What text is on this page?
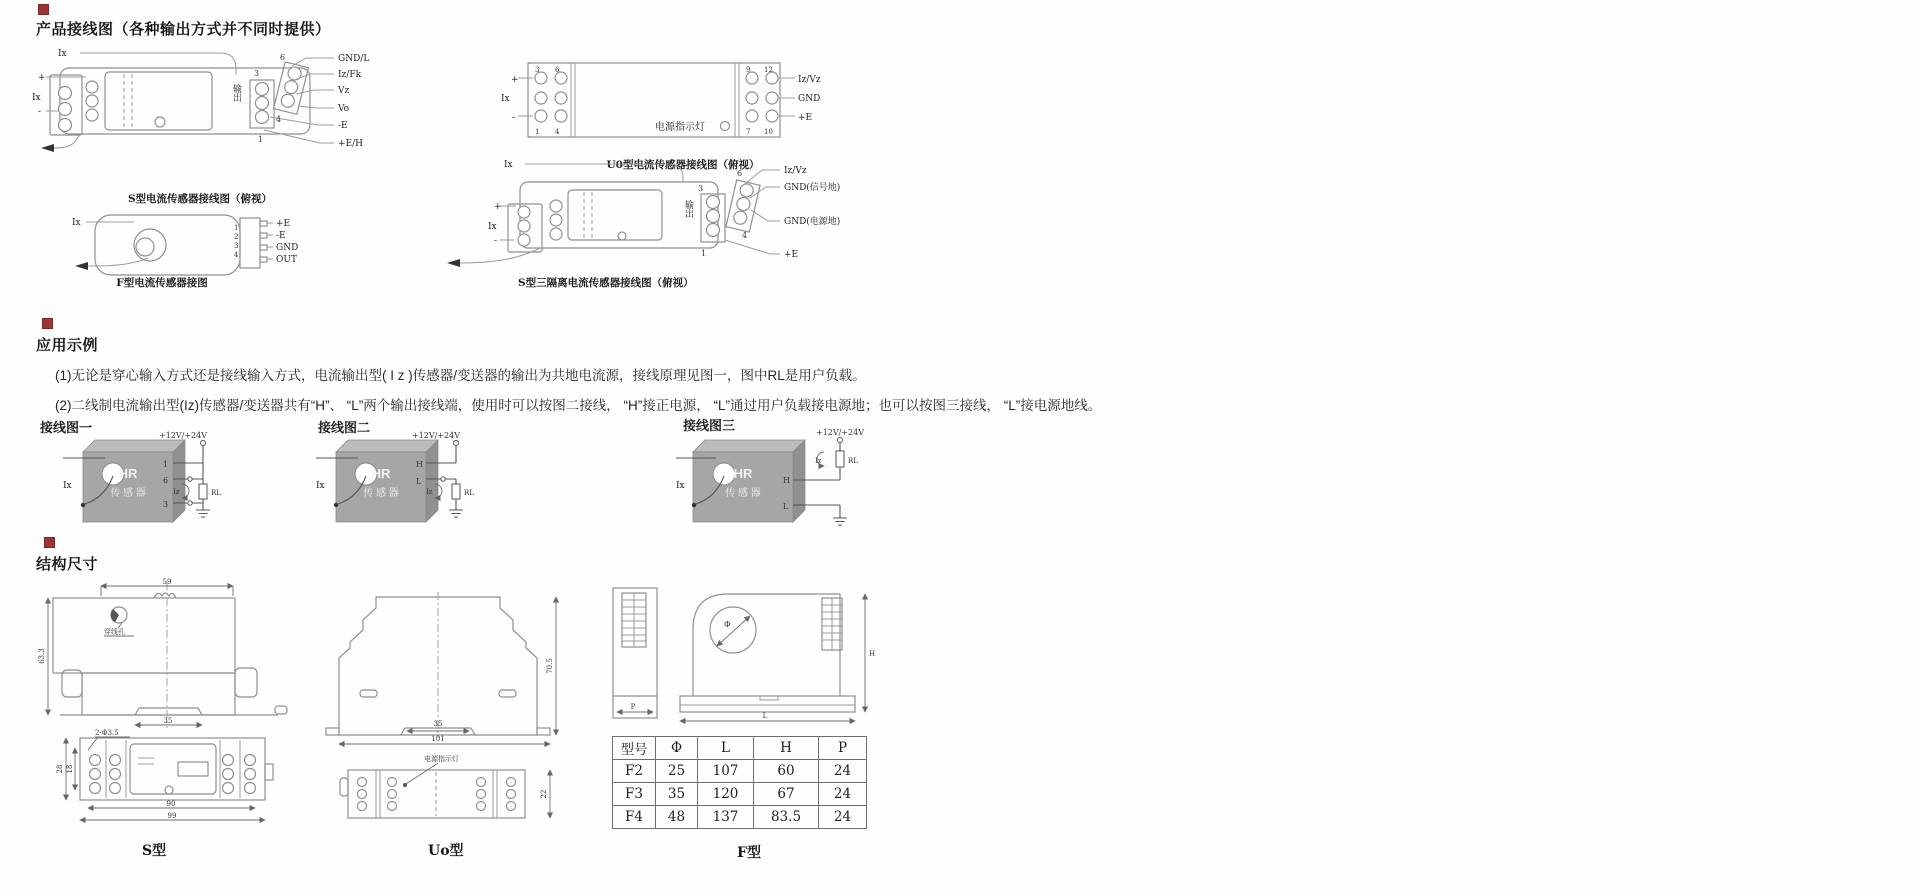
产品接线图（各种输出方式并不同时提供）
Ix
+
Ix
-
输出
3
1
6
4
GND/L
Iz/Fk
Vz
Vo
-E
+E/H
S型电流传感器接线图（俯视）
Ix	1
2
3
4
+E
-E
GND
OUT
F型电流传感器接图
3 6
1 4
9 12
7 10
电源指示灯
+
Ix
-
Iz/Vz
GND
+E
U0型电流传感器接线图（俯视）
Ix
+
Ix
-
输出
3
1
6
4
Iz/Vz
GND(信号地)
GND(电源地)
+E
S型三隔离电流传感器接线图（俯视）
应用示例
(1)无论是穿心输入方式还是接线输入方式，电流输出型( I z )传感器/变送器的输出为共地电流源，接线原理见图一，图中RL是用户负载。
(2)二线制电流输出型(Iz)传感器/变送器共有“H”、 “L”两个输出接线端，使用时可以按图二接线， “H”接正电源， “L”通过用户负载接电源地；也可以按图三接线， “L”接电源地线。
接线图一	接线图二	接线图三
HR
传 感 器
Ix
1
6
3
+12V/+24V
Iz	RL
HR
传 感 器
Ix
H
L
+12V/+24V
Iz	RL
HR
传 感 器
Ix
H
L
+12V/+24V
Iz	RL
结构尺寸
59
63.3
35
穿线孔
2-Φ3.5
28 18
90
99
35
101
70.5
电源指示灯
22
P
Φ
H
L
型号	Φ	L	H	P
F2	25	107	60	24
F3	35	120	67	24
F4	48	137	83.5	24
S型	Uo型	F型
